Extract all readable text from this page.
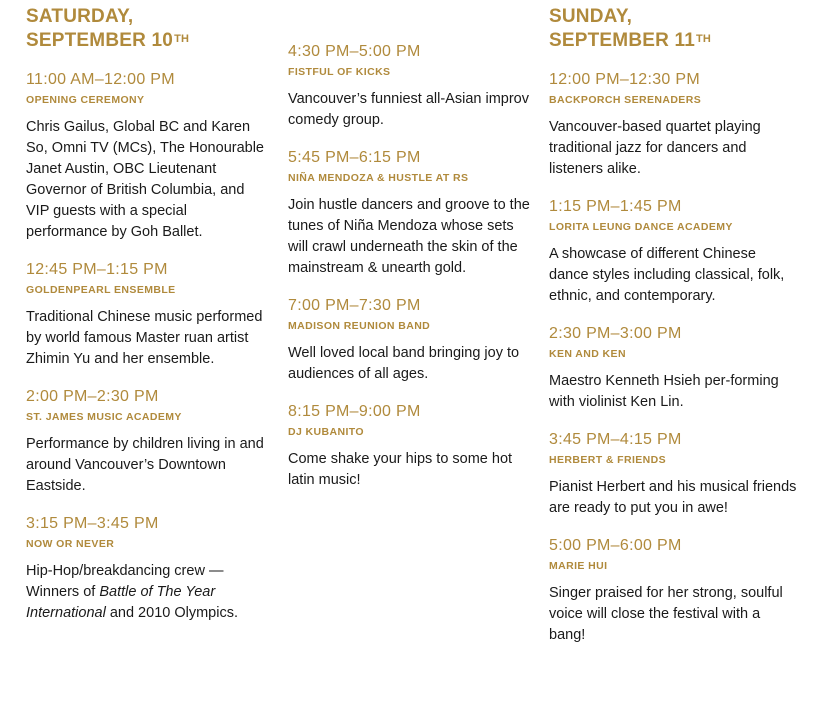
SATURDAY,
SEPTEMBER 10TH
11:00 AM–12:00 PM
OPENING CEREMONY
Chris Gailus, Global BC and Karen So, Omni TV (MCs), The Honourable Janet Austin, OBC Lieutenant Governor of British Columbia, and VIP guests with a special performance by Goh Ballet.
12:45 PM–1:15 PM
GOLDENPEARL ENSEMBLE
Traditional Chinese music performed by world famous Master ruan artist Zhimin Yu and her ensemble.
2:00 PM–2:30 PM
ST. JAMES MUSIC ACADEMY
Performance by children living in and around Vancouver’s Downtown Eastside.
3:15 PM–3:45 PM
NOW OR NEVER
Hip-Hop/breakdancing crew —Winners of Battle of The Year International and 2010 Olympics.
4:30 PM–5:00 PM
FISTFUL OF KICKS
Vancouver’s funniest all-Asian improv comedy group.
5:45 PM–6:15 PM
NIÑA MENDOZA & HUSTLE AT RS
Join hustle dancers and groove to the tunes of Niña Mendoza whose sets will crawl underneath the skin of the mainstream & unearth gold.
7:00 PM–7:30 PM
MADISON REUNION BAND
Well loved local band bringing joy to audiences of all ages.
8:15 PM–9:00 PM
DJ KUBANITO
Come shake your hips to some hot latin music!
SUNDAY,
SEPTEMBER 11TH
12:00 PM–12:30 PM
BACKPORCH SERENADERS
Vancouver-based quartet playing traditional jazz for dancers and listeners alike.
1:15 PM–1:45 PM
LORITA LEUNG DANCE ACADEMY
A showcase of different Chinese dance styles including classical, folk, ethnic, and contemporary.
2:30 PM–3:00 PM
KEN AND KEN
Maestro Kenneth Hsieh per-forming with violinist Ken Lin.
3:45 PM–4:15 PM
HERBERT & FRIENDS
Pianist Herbert and his musical friends are ready to put you in awe!
5:00 PM–6:00 PM
MARIE HUI
Singer praised for her strong, soulful voice will close the festival with a bang!
